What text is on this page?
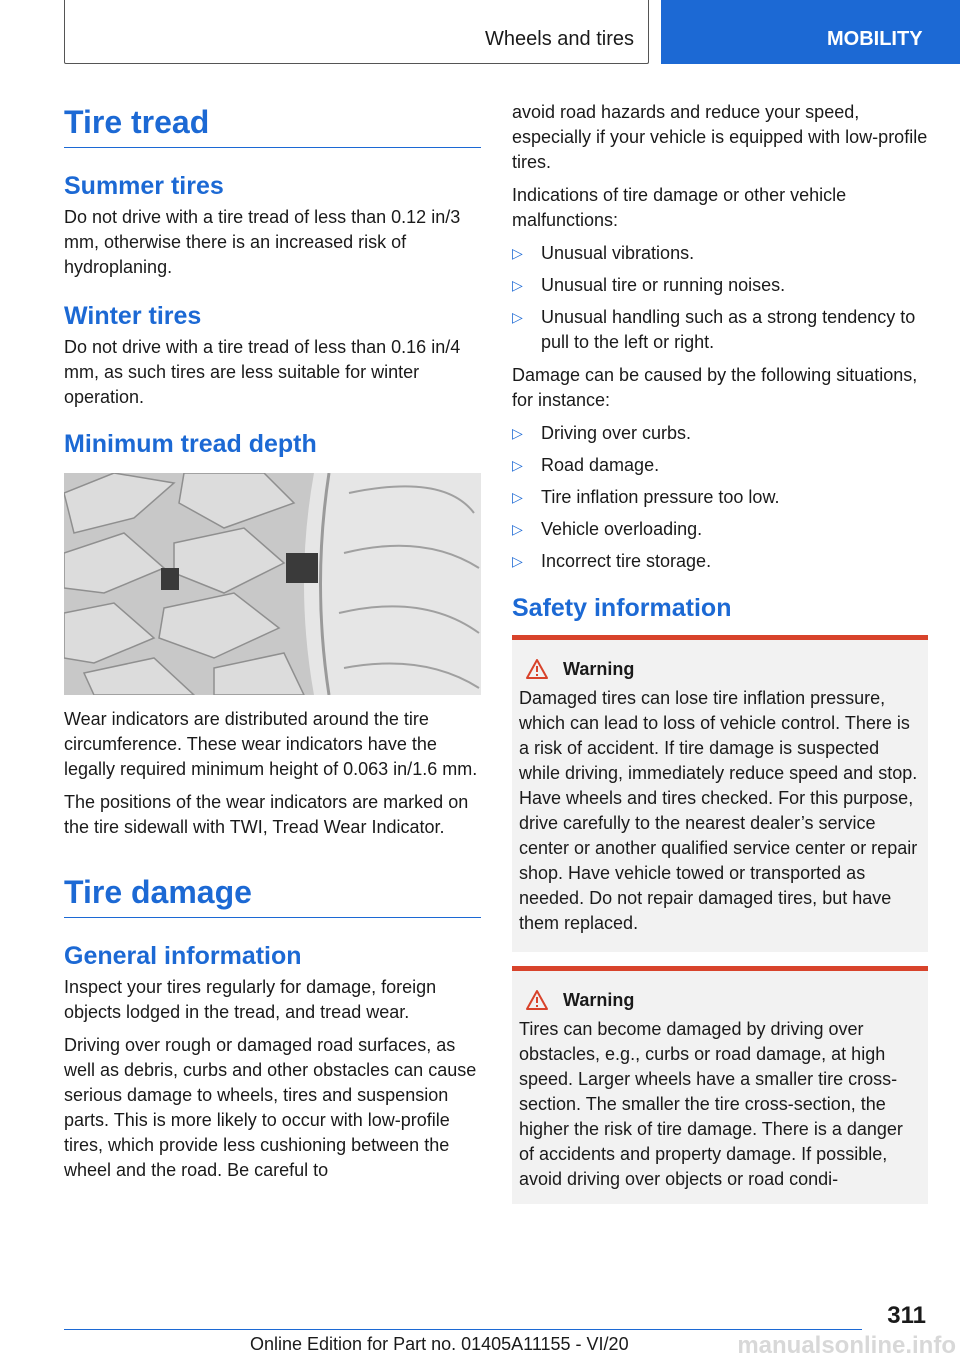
Wheels and tires	MOBILITY
Tire tread
Summer tires

Do not drive with a tire tread of less than 0.12 in/3 mm, otherwise there is an increased risk of hydroplaning.

Winter tires

Do not drive with a tire tread of less than 0.16 in/4 mm, as such tires are less suitable for winter operation.

Minimum tread depth

Wear indicators are distributed around the tire circumference. These wear indicators have the legally required minimum height of 0.063 in/1.6 mm.

The positions of the wear indicators are marked on the tire sidewall with TWI, Tread Wear Indicator.

Tire damage
General information

Inspect your tires regularly for damage, foreign objects lodged in the tread, and tread wear.

Driving over rough or damaged road surfaces, as well as debris, curbs and other obstacles can cause serious damage to wheels, tires and suspension parts. This is more likely to occur with low-profile tires, which provide less cushioning between the wheel and the road. Be careful to

avoid road hazards and reduce your speed, especially if your vehicle is equipped with low-profile tires.

Indications of tire damage or other vehicle malfunctions:

▷ Unusual vibrations.
▷ Unusual tire or running noises.
▷ Unusual handling such as a strong tendency to pull to the left or right.

Damage can be caused by the following situations, for instance:

▷ Driving over curbs.
▷ Road damage.
▷ Tire inflation pressure too low.
▷ Vehicle overloading.
▷ Incorrect tire storage.
Safety information
Warning

Damaged tires can lose tire inflation pressure, which can lead to loss of vehicle control. There is a risk of accident. If tire damage is suspected while driving, immediately reduce speed and stop. Have wheels and tires checked. For this purpose, drive carefully to the nearest dealer’s service center or another qualified service center or repair shop. Have vehicle towed or transported as needed. Do not repair damaged tires, but have them replaced.

Warning

Tires can become damaged by driving over obstacles, e.g., curbs or road damage, at high speed. Larger wheels have a smaller tire cross-section. The smaller the tire cross-section, the higher the risk of tire damage. There is a danger of accidents and property damage. If possible, avoid driving over objects or road condi-

311
Online Edition for Part no. 01405A11155 - VI/20	manualsonline.info
